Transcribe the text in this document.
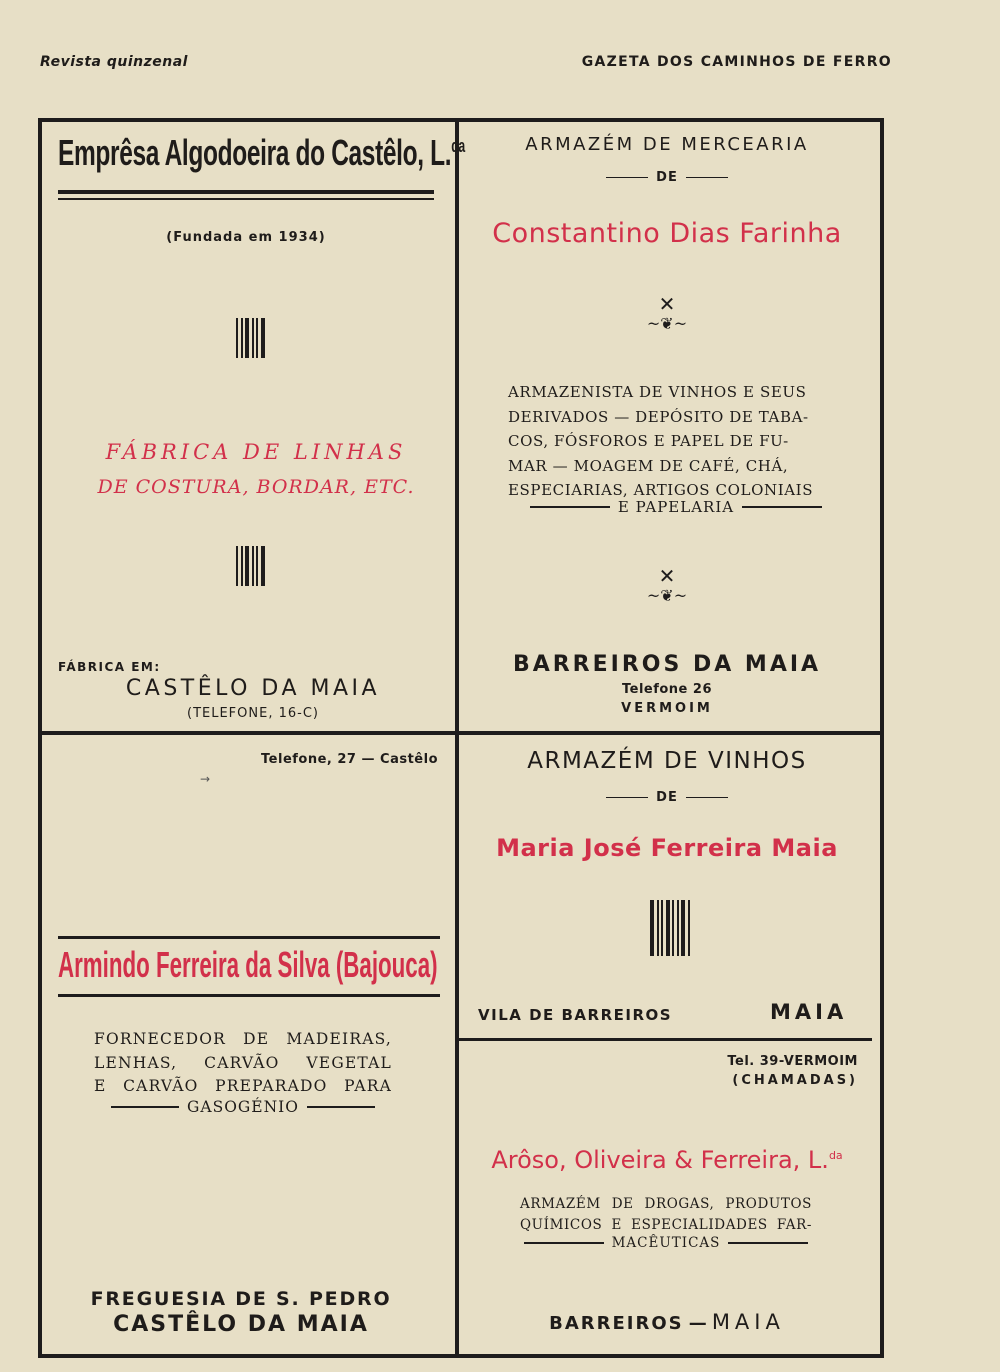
Revista quinzenal	GAZETA DOS CAMINHOS DE FERRO
Emprêsa Algodoeira do Castêlo, L.$^{da}$
(Fundada em 1934)
FÁBRICA DE LINHAS
DE COSTURA, BORDAR, ETC.
FÁBRICA EM:
CASTÊLO DA MAIA
(TELEFONE, 16-C)
ARMAZÉM DE MERCEARIA
DE
Constantino Dias Farinha
✕
~❦~
ARMAZENISTA DE VINHOS E SEUS
DERIVADOS — DEPÓSITO DE TABA-
COS, FÓSFOROS E PAPEL DE FU-
MAR — MOAGEM DE CAFÉ, CHÁ,
ESPECIARIAS, ARTIGOS COLONIAIS
E PAPELARIA
✕
~❦~
BARREIROS DA MAIA
Telefone 26
VERMOIM
Telefone, 27 — Castêlo
→
Armindo Ferreira da Silva (Bajouca)
FORNECEDOR DE MADEIRAS,
LENHAS, CARVÃO VEGETAL
E CARVÃO PREPARADO PARA
GASOGÉNIO
FREGUESIA DE S. PEDRO
CASTÊLO DA MAIA
ARMAZÉM DE VINHOS
DE
Maria José Ferreira Maia
VILA DE BARREIROS	MAIA
Tel. 39-VERMOIM
(CHAMADAS)
Arôso, Oliveira & Ferreira, L.$^{da}$
ARMAZÉM DE DROGAS, PRODUTOS
QUÍMICOS E ESPECIALIDADES FAR-
MACÊUTICAS
BARREIROS — MAIA
